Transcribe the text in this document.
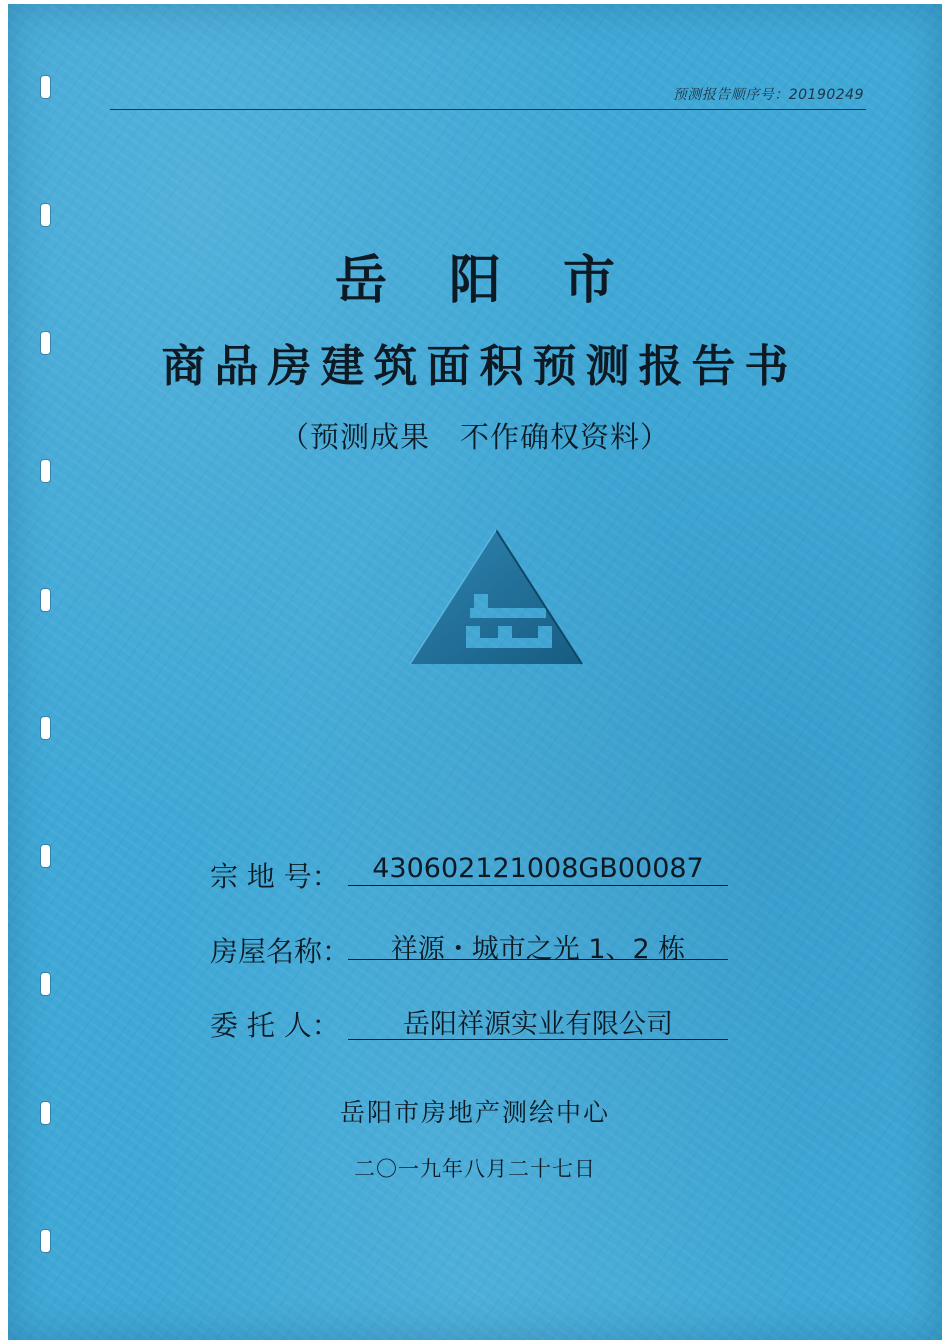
预测报告顺序号：20190249
岳阳市
商品房建筑面积预测报告书
（预测成果　不作确权资料）
宗 地 号：	430602121008GB00087
房屋名称：	祥源・城市之光 1、2 栋
委 托 人：	岳阳祥源实业有限公司
岳阳市房地产测绘中心
二〇一九年八月二十七日
